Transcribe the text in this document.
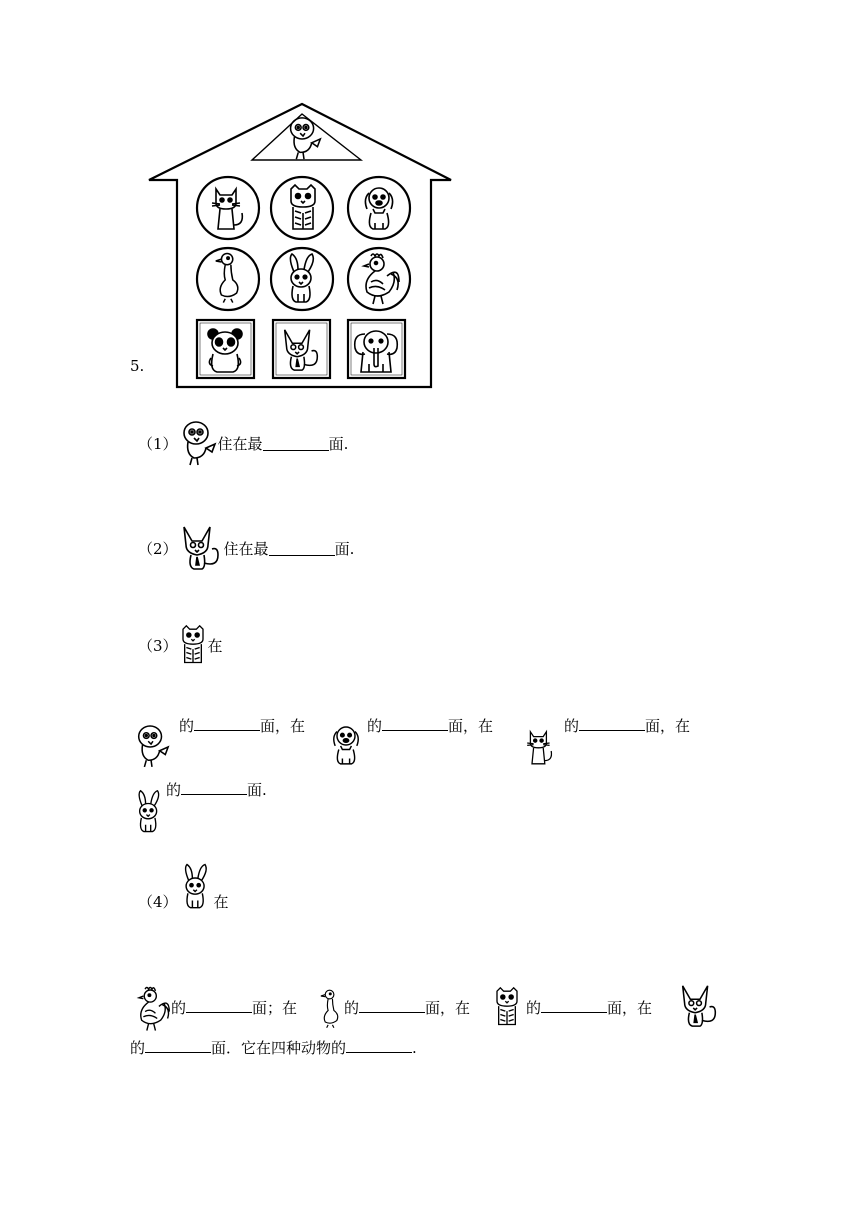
5.
（1）	住在最	面.
（2）	住在最	面.
（3） 在
的	面，在	的	面，在	的	面，在
的	面.
（4） 在
的	面；在	的	面，在	的	面，在
的	面．它在四种动物的	.
